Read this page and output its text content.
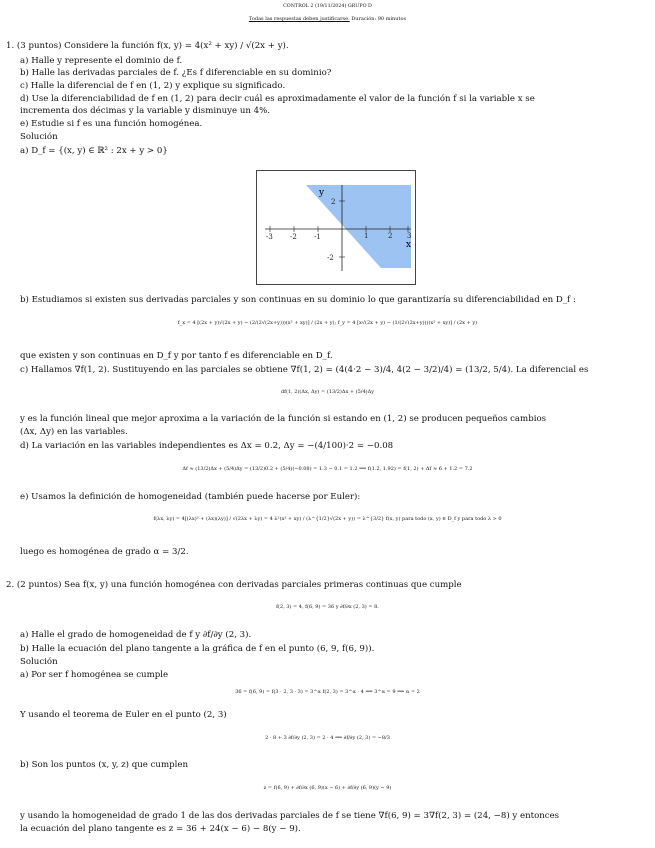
CONTROL 2 (19/11/2024) GRUPO D
Todas las respuestas deben justificarse. Duración: 90 minutos
1. (3 puntos) Considere la función f(x, y) = 4(x² + xy) / √(2x + y).
a) Halle y represente el dominio de f.
b) Halle las derivadas parciales de f. ¿Es f diferenciable en su dominio?
c) Halle la diferencial de f en (1, 2) y explique su significado.
d) Use la diferenciabilidad de f en (1, 2) para decir cuál es aproximadamente el valor de la función f si la variable x se
incrementa dos décimas y la variable y disminuye un 4%.
e) Estudie si f es una función homogénea.
Solución
a) D_f = {(x, y) ∈ ℝ² : 2x + y > 0}
-3 -2 -1	1	2 3
2
-2
x
y
b) Estudiamos si existen sus derivadas parciales y son continuas en su dominio lo que garantizaría su diferenciabilidad en D_f :
f_x = 4 [(2x + y)√(2x + y) − (2/(2√(2x+y)))(x² + xy)] / (2x + y); f_y = 4 [x√(2x + y) − (1/(2√(2x+y)))(x² + xy)] / (2x + y)
que existen y son continuas en D_f y por tanto f es diferenciable en D_f.
c) Hallamos ∇f(1, 2). Sustituyendo en las parciales se obtiene ∇f(1, 2) = (4(4·2 − 3)/4, 4(2 − 3/2)/4) = (13/2, 5/4). La diferencial es
df(1, 2)(Δx, Δy) = (13/2)Δx + (5/4)Δy
y es la función lineal que mejor aproxima a la variación de la función si estando en (1, 2) se producen pequeños cambios
(Δx, Δy) en las variables.
d) La variación en las variables independientes es Δx = 0.2, Δy = −(4/100)·2 = −0.08
Δf ≈ (13/2)Δx + (5/4)Δy = (13/2)0.2 + (5/4)(−0.08) = 1.3 − 0.1 = 1.2 ⟹ f(1.2, 1.92) = f(1, 2) + Δf ≈ 6 + 1.2 = 7.2
e) Usamos la definición de homogeneidad (también puede hacerse por Euler):
f(λx, λy) = 4[(λx)² + (λx)(λy)] / √(2λx + λy) = 4 λ²(x² + xy) / (λ^{1/2}√(2x + y)) = λ^{3/2} f(x, y) para todo (x, y) ∈ D_f y para todo λ > 0
luego es homogénea de grado α = 3/2.
2. (2 puntos) Sea f(x, y) una función homogénea con derivadas parciales primeras continuas que cumple
f(2, 3) = 4, f(6, 9) = 36 y ∂f/∂x (2, 3) = 8.
a) Halle el grado de homogeneidad de f y ∂f/∂y (2, 3).
b) Halle la ecuación del plano tangente a la gráfica de f en el punto (6, 9, f(6, 9)).
Solución
a) Por ser f homogénea se cumple
36 = f(6, 9) = f(3 · 2, 3 · 3) = 3^α f(2, 3) = 3^α · 4 ⟹ 3^α = 9 ⟹ α = 2
Y usando el teorema de Euler en el punto (2, 3)
2 · 8 + 3 ∂f/∂y (2, 3) = 2 · 4 ⟹ ∂f/∂y (2, 3) = −8/3
b) Son los puntos (x, y, z) que cumplen
z = f(6, 9) + ∂f/∂x (6, 9)(x − 6) + ∂f/∂y (6, 9)(y − 9)
y usando la homogeneidad de grado 1 de las dos derivadas parciales de f se tiene ∇f(6, 9) = 3∇f(2, 3) = (24, −8) y entonces
la ecuación del plano tangente es z = 36 + 24(x − 6) − 8(y − 9).
